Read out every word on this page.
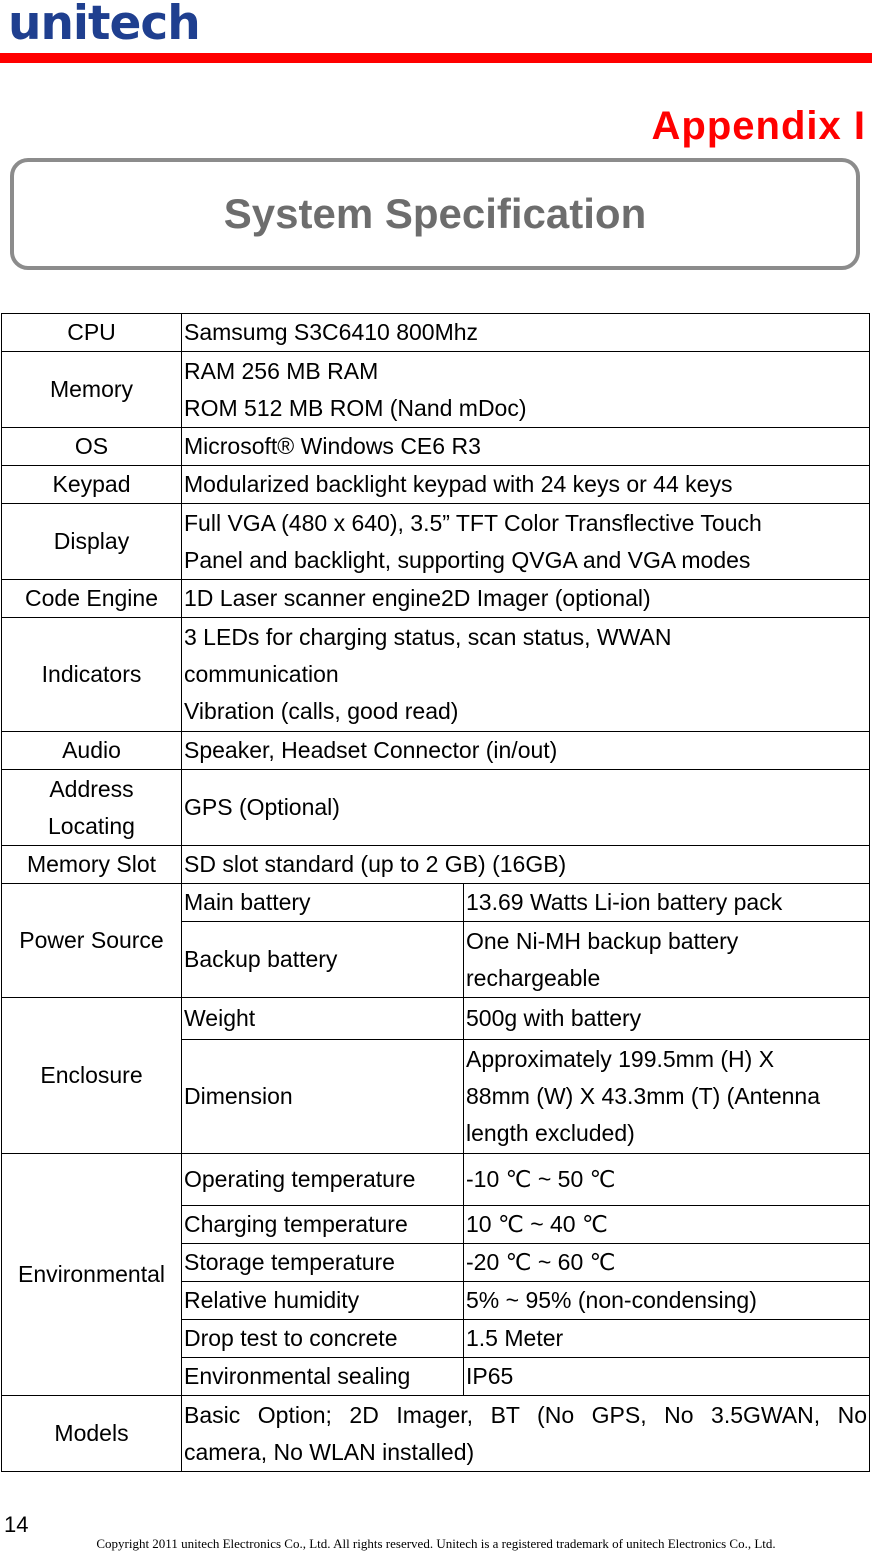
unitech
Appendix I
System Specification
CPU	Samsumg S3C6410 800Mhz	
Memory	RAM 256 MB RAM
ROM 512 MB ROM (Nand mDoc)	

OS	Microsoft® Windows CE6 R3	
Keypad	Modularized backlight keypad with 24 keys or 44 keys	
Display	Full VGA (480 x 640), 3.5” TFT Color Transflective Touch
Panel and backlight, supporting QVGA and VGA modes	

Code Engine	1D Laser scanner engine2D Imager (optional)	
Indicators	3 LEDs for charging status, scan status, WWAN
communication
Vibration (calls, good read)	

Audio	Speaker, Headset Connector (in/out)	

Address
Locating	GPS (Optional)	
Memory Slot	SD slot standard (up to 2 GB) (16GB)	
Power Source	Main battery	13.69 Watts Li-ion battery pack
	Backup battery	One Ni-MH backup battery
rechargeable

Enclosure	Weight	500g with battery
	Dimension	Approximately 199.5mm (H) X
88mm (W) X 43.3mm (T) (Antenna
length excluded)

Environmental	Operating temperature	-10 ℃ ~ 50 ℃
	Charging temperature	10 ℃ ~ 40 ℃
	Storage temperature	-20 ℃ ~ 60 ℃
	Relative humidity	5% ~ 95% (non-condensing)
	Drop test to concrete	1.5 Meter
	Environmental sealing	IP65
Models	Basic Option; 2D Imager, BT (No GPS, No 3.5GWAN, No
camera, No WLAN installed)	
14
Copyright 2011 unitech Electronics Co., Ltd. All rights reserved. Unitech is a registered trademark of unitech Electronics Co., Ltd.
